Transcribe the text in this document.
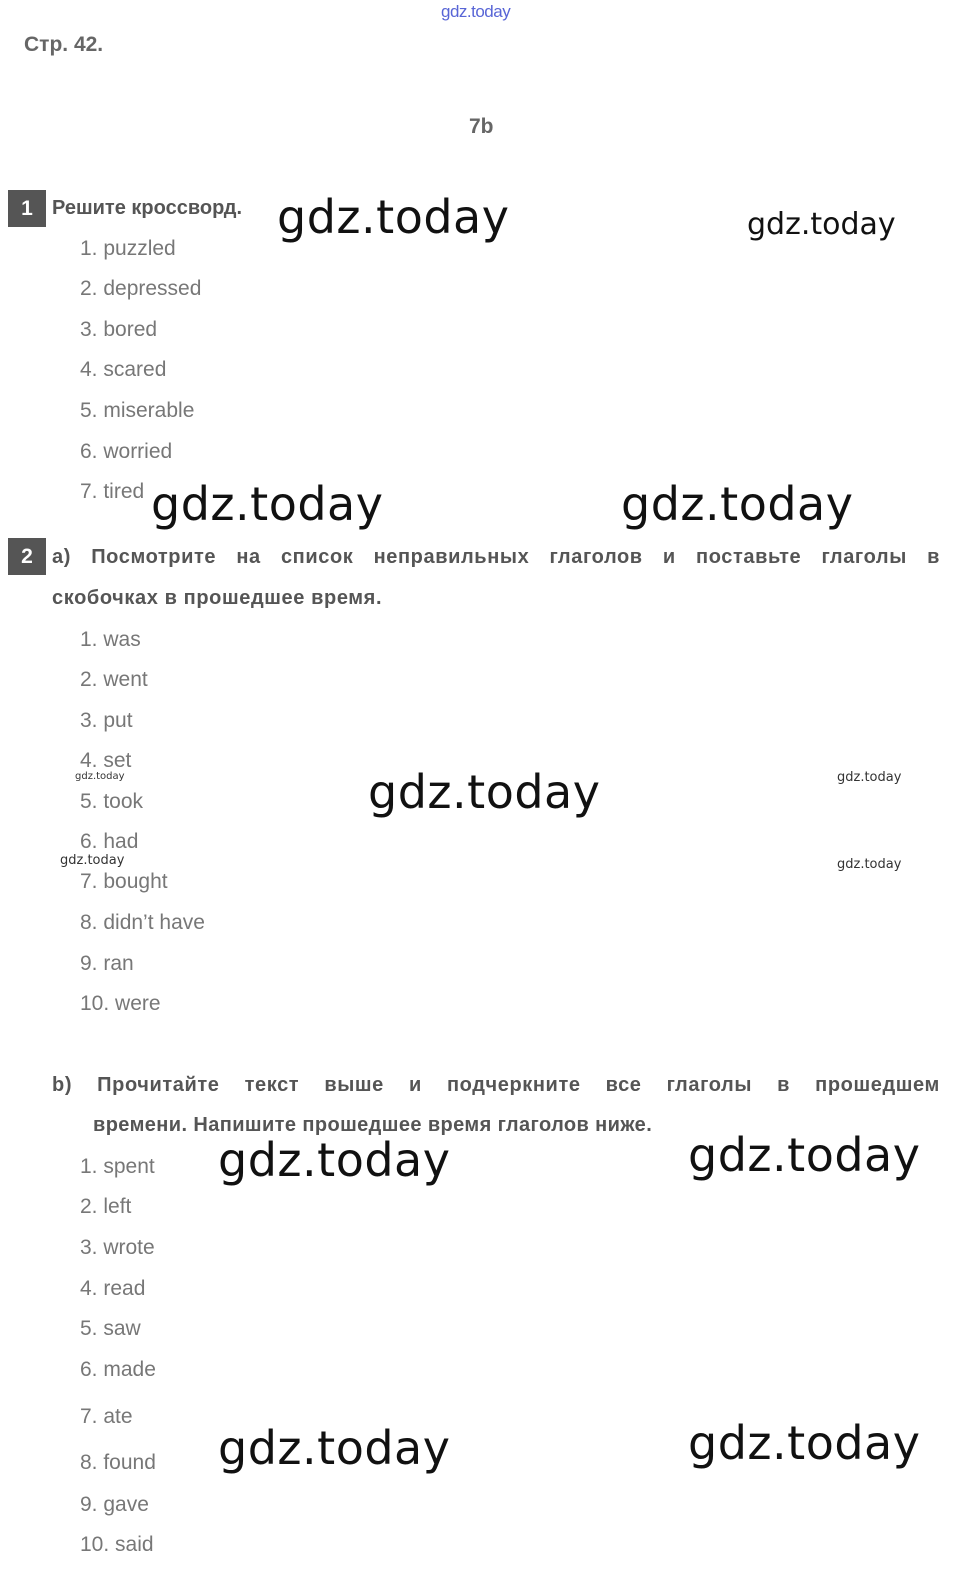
gdz.today
Стр. 42.
7b
1 Решите кроссворд.
1. puzzled
2. depressed
3. bored
4. scared
5. miserable
6. worried
7. tired
2 a) Посмотрите на список неправильных глаголов и поставьте глаголы в
скобочках в прошедшее время.
1. was
2. went
3. put
4. set
5. took
6. had
7. bought
8. didn’t have
9. ran
10. were
b) Прочитайте текст выше и подчеркните все глаголы в прошедшем
времени. Напишите прошедшее время глаголов ниже.
1. spent
2. left
3. wrote
4. read
5. saw
6. made
7. ate
8. found
9. gave
10. said
gdz.today	gdz.today
gdz.today	gdz.today
gdz.today	gdz.today	gdz.today
gdz.today	gdz.today
gdz.today	gdz.today
gdz.today	gdz.today
